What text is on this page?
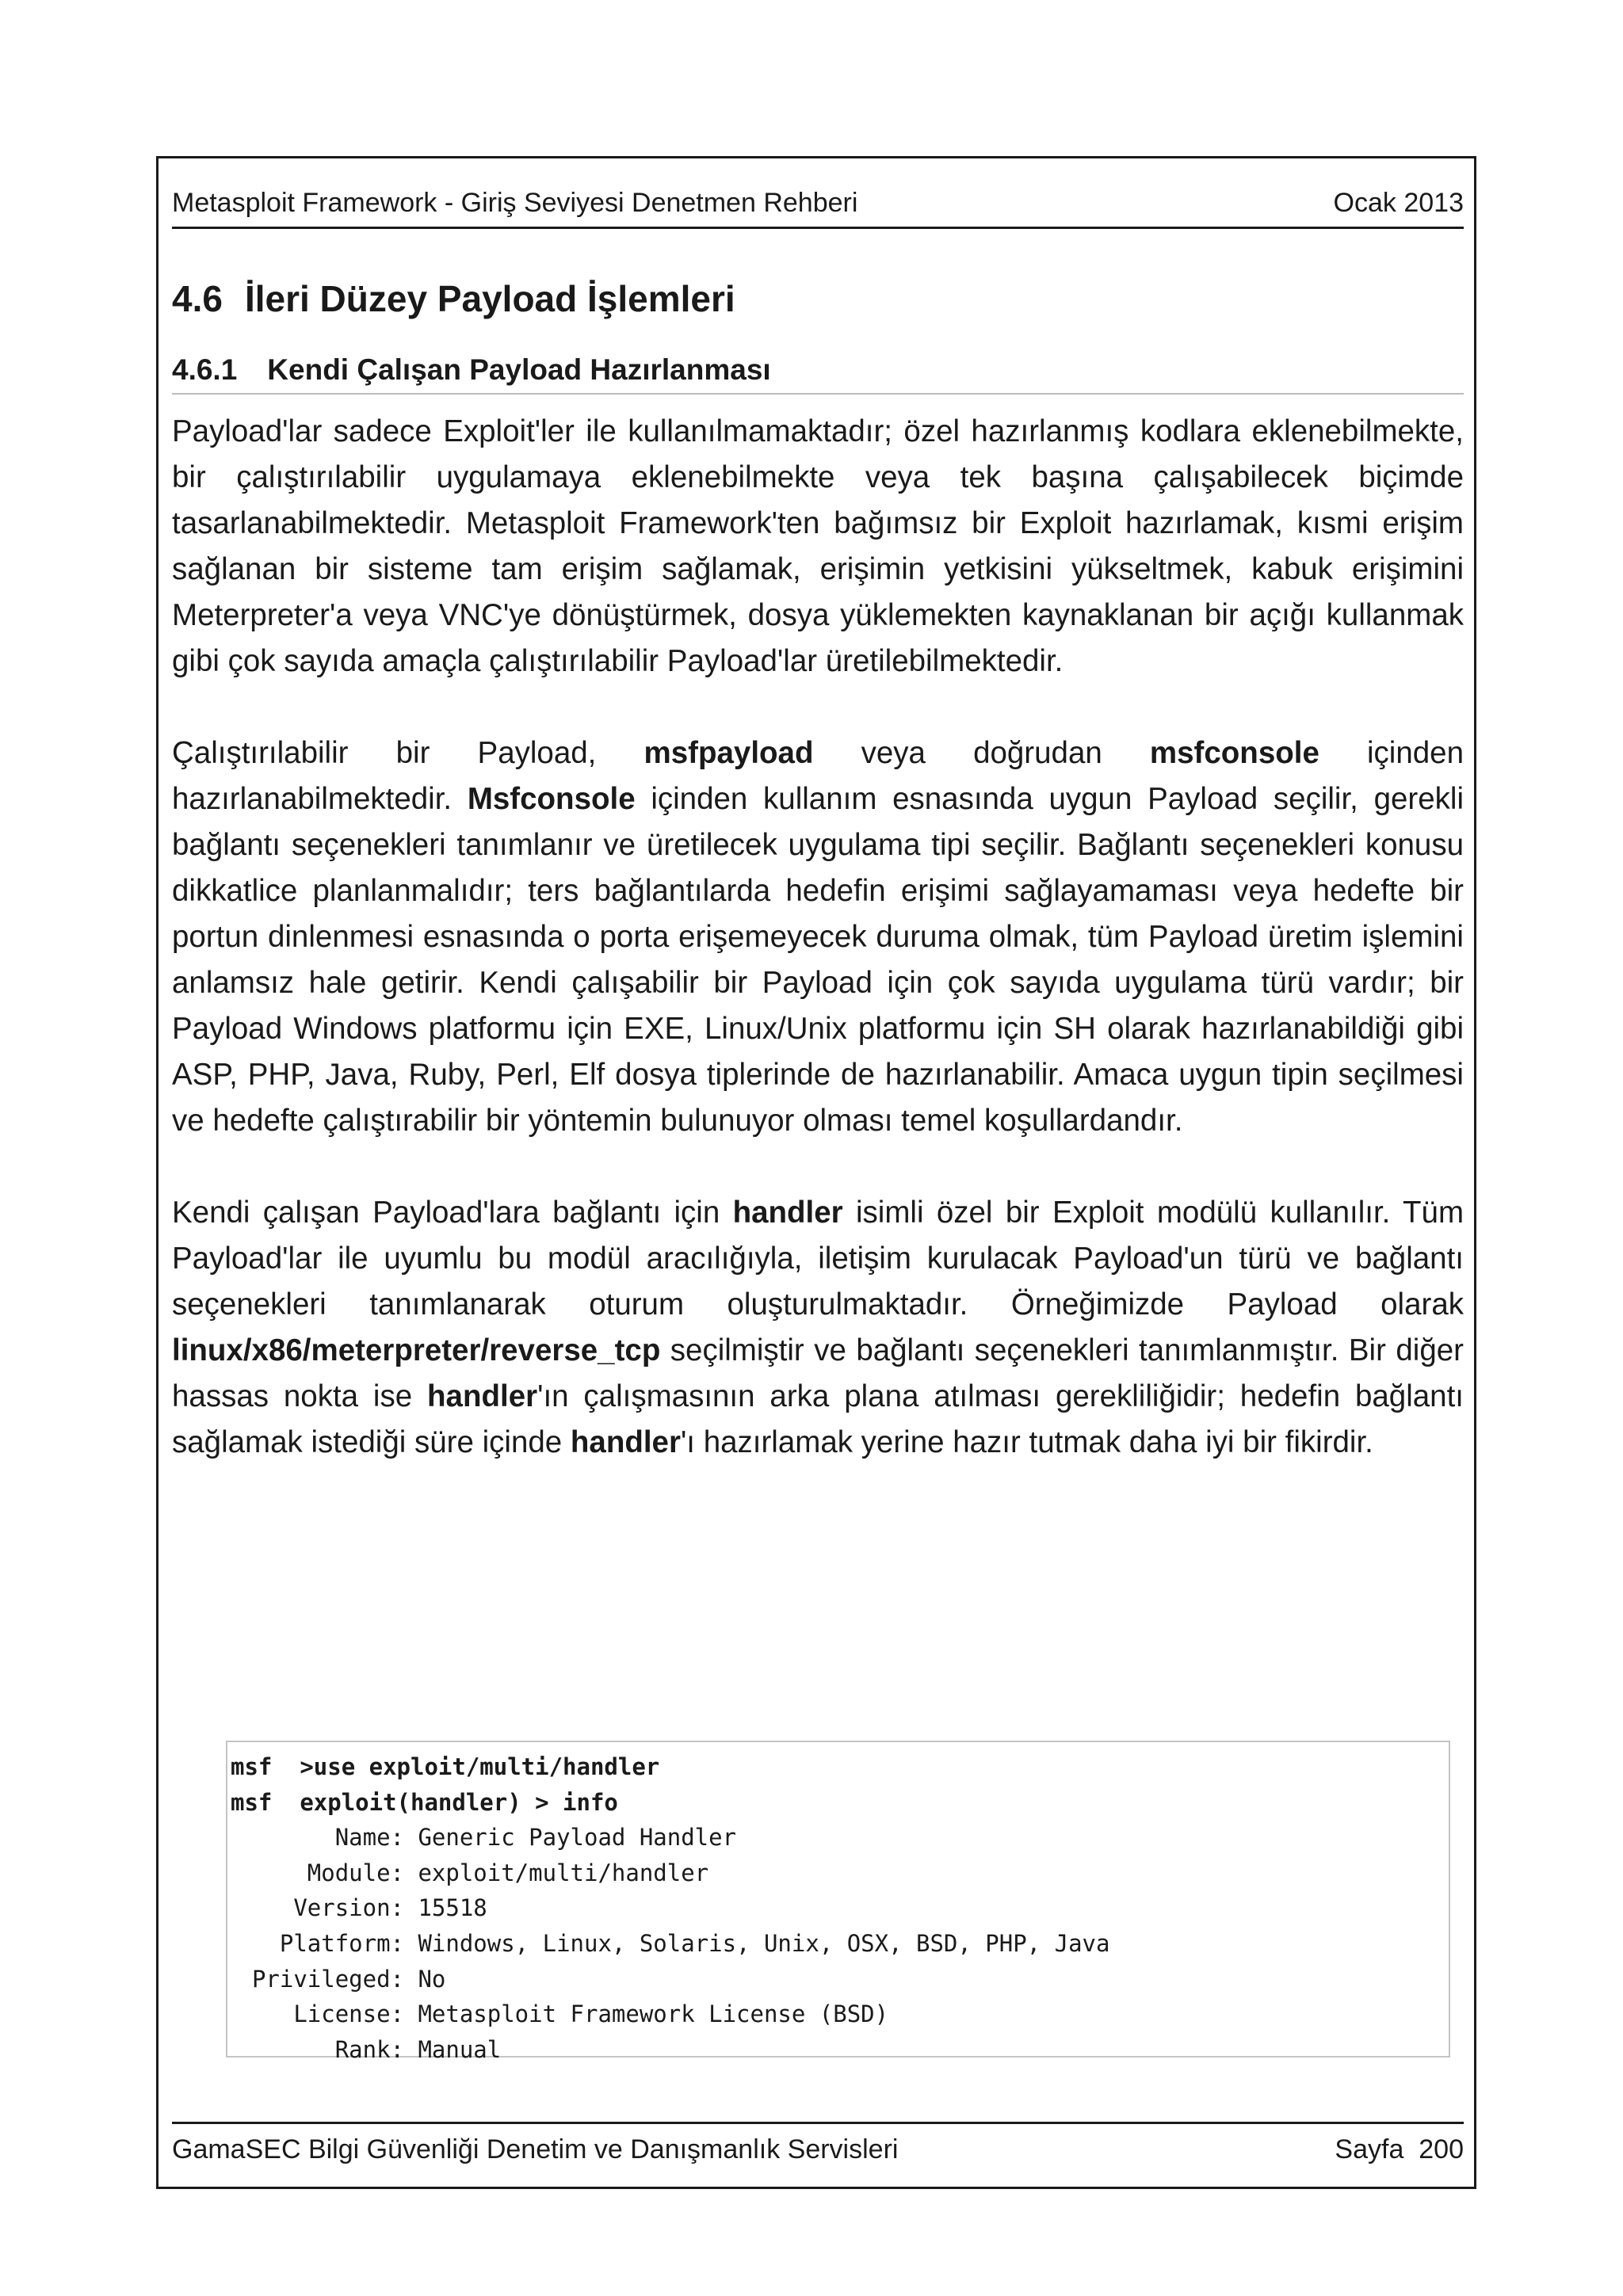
Metasploit Framework - Giriş Seviyesi Denetmen Rehberi	Ocak 2013
4.6 İleri Düzey Payload İşlemleri
4.6.1 Kendi Çalışan Payload Hazırlanması

Payload'lar sadece Exploit'ler ile kullanılmamaktadır; özel hazırlanmış kodlara eklenebilmekte, bir çalıştırılabilir uygulamaya eklenebilmekte veya tek başına çalışabilecek biçimde tasarlanabilmektedir. Metasploit Framework'ten bağımsız bir Exploit hazırlamak, kısmi erişim sağlanan bir sisteme tam erişim sağlamak, erişimin yetkisini yükseltmek, kabuk erişimini Meterpreter'a veya VNC'ye dönüştürmek, dosya yüklemekten kaynaklanan bir açığı kullanmak gibi çok sayıda amaçla çalıştırılabilir Payload'lar üretilebilmektedir.

Çalıştırılabilir bir Payload, msfpayload veya doğrudan msfconsole içinden hazırlanabilmektedir. Msfconsole içinden kullanım esnasında uygun Payload seçilir, gerekli bağlantı seçenekleri tanımlanır ve üretilecek uygulama tipi seçilir. Bağlantı seçenekleri konusu dikkatlice planlanmalıdır; ters bağlantılarda hedefin erişimi sağlayamaması veya hedefte bir portun dinlenmesi esnasında o porta erişemeyecek duruma olmak, tüm Payload üretim işlemini anlamsız hale getirir. Kendi çalışabilir bir Payload için çok sayıda uygulama türü vardır; bir Payload Windows platformu için EXE, Linux/Unix platformu için SH olarak hazırlanabildiği gibi ASP, PHP, Java, Ruby, Perl, Elf dosya tiplerinde de hazırlanabilir. Amaca uygun tipin seçilmesi ve hedefte çalıştırabilir bir yöntemin bulunuyor olması temel koşullardandır.

Kendi çalışan Payload'lara bağlantı için handler isimli özel bir Exploit modülü kullanılır. Tüm Payload'lar ile uyumlu bu modül aracılığıyla, iletişim kurulacak Payload'un türü ve bağlantı seçenekleri tanımlanarak oturum oluşturulmaktadır. Örneğimizde Payload olarak linux/x86/meterpreter/reverse_tcp seçilmiştir ve bağlantı seçenekleri tanımlanmıştır. Bir diğer hassas nokta ise handler'ın çalışmasının arka plana atılması gerekliliğidir; hedefin bağlantı sağlamak istediği süre içinde handler'ı hazırlamak yerine hazır tutmak daha iyi bir fikirdir.

msf >use exploit/multi/handler
msf exploit(handler) > info
Name: Generic Payload Handler
Module: exploit/multi/handler
Version: 15518
Platform: Windows, Linux, Solaris, Unix, OSX, BSD, PHP, Java
Privileged: No
License: Metasploit Framework License (BSD)
Rank: Manual
GamaSEC Bilgi Güvenliği Denetim ve Danışmanlık Servisleri	Sayfa 200
